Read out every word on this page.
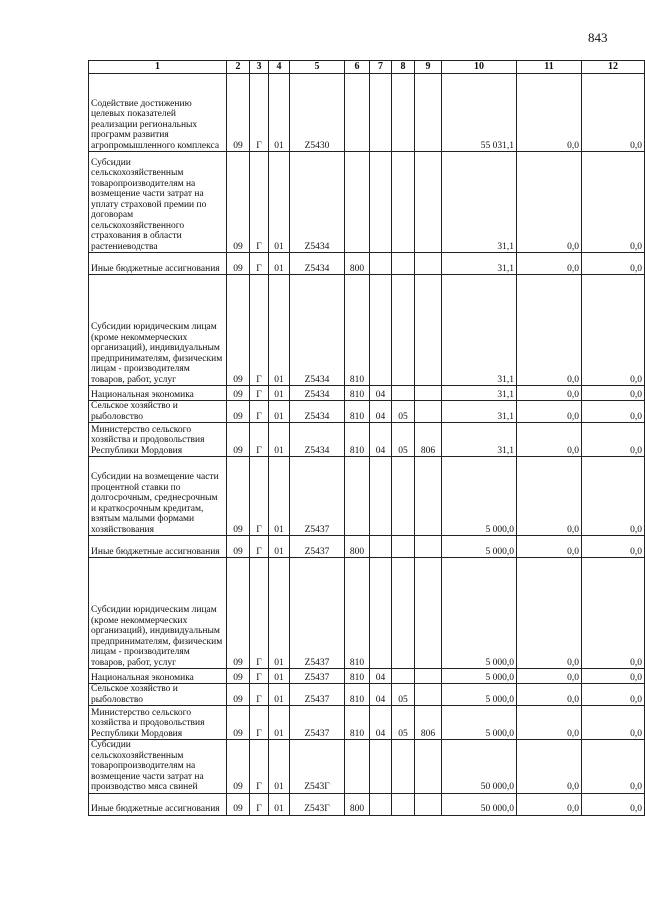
843
1	2	3	4	5	6	7	8	9	10	11	12
Содействие достижению целевых показателей реализации региональных программ развития агропромышленного комплекса	09	Г	01	Z5430					55 031,1	0,0	0,0
Субсидии сельскохозяйственным товаропроизводителям на возмещение части затрат на уплату страховой премии по договорам сельскохозяйственного страхования в области растениеводства	09	Г	01	Z5434					31,1	0,0	0,0
Иные бюджетные ассигнования	09	Г	01	Z5434	800				31,1	0,0	0,0
Субсидии юридическим лицам (кроме некоммерческих организаций), индивидуальным предпринимателям, физическим лицам - производителям товаров, работ, услуг	09	Г	01	Z5434	810				31,1	0,0	0,0
Национальная экономика	09	Г	01	Z5434	810	04			31,1	0,0	0,0
Сельское хозяйство и рыболовство	09	Г	01	Z5434	810	04	05		31,1	0,0	0,0
Министерство сельского хозяйства и продовольствия Республики Мордовия	09	Г	01	Z5434	810	04	05	806	31,1	0,0	0,0
Субсидии на возмещение части процентной ставки по долгосрочным, среднесрочным и краткосрочным кредитам, взятым малыми формами хозяйствования	09	Г	01	Z5437					5 000,0	0,0	0,0
Иные бюджетные ассигнования	09	Г	01	Z5437	800				5 000,0	0,0	0,0
Субсидии юридическим лицам (кроме некоммерческих организаций), индивидуальным предпринимателям, физическим лицам - производителям товаров, работ, услуг	09	Г	01	Z5437	810				5 000,0	0,0	0,0
Национальная экономика	09	Г	01	Z5437	810	04			5 000,0	0,0	0,0
Сельское хозяйство и рыболовство	09	Г	01	Z5437	810	04	05		5 000,0	0,0	0,0
Министерство сельского хозяйства и продовольствия Республики Мордовия	09	Г	01	Z5437	810	04	05	806	5 000,0	0,0	0,0
Субсидии сельскохозяйственным товаропроизводителям на возмещение части затрат на производство мяса свиней	09	Г	01	Z543Г					50 000,0	0,0	0,0
Иные бюджетные ассигнования	09	Г	01	Z543Г	800				50 000,0	0,0	0,0
